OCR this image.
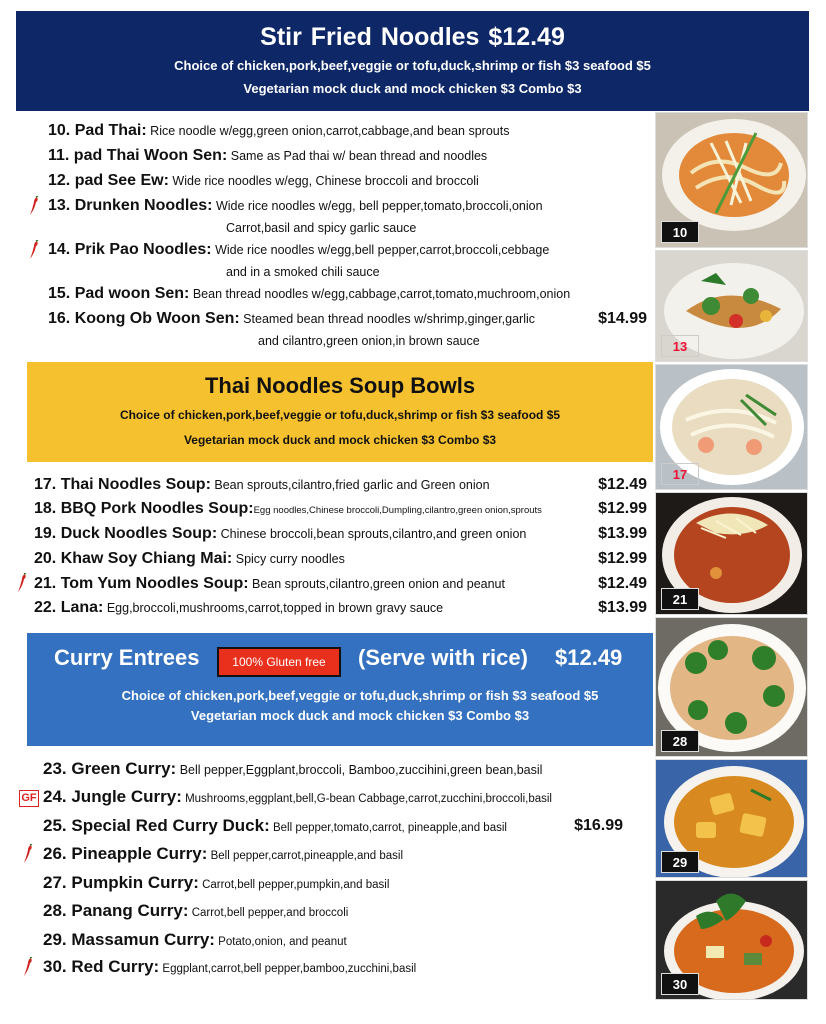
Stir Fried Noodles $12.49
Choice of chicken,pork,beef,veggie or tofu,duck,shrimp or fish $3 seafood $5
Vegetarian mock duck and mock chicken $3 Combo $3
10. Pad Thai: Rice noodle w/egg,green onion,carrot,cabbage,and bean sprouts
11. pad Thai Woon Sen: Same as Pad thai w/ bean thread and noodles
12. pad See Ew: Wide rice noodles w/egg, Chinese broccoli and broccoli
13. Drunken Noodles: Wide rice noodles w/egg, bell pepper,tomato,broccoli,onion
Carrot,basil and spicy garlic sauce
14. Prik Pao Noodles: Wide rice noodles w/egg,bell pepper,carrot,broccoli,cebbage
and in a smoked chili sauce
15. Pad woon Sen: Bean thread noodles w/egg,cabbage,carrot,tomato,muchroom,onion
16. Koong Ob Woon Sen: Steamed bean thread noodles w/shrimp,ginger,garlic	$14.99
and cilantro,green onion,in brown sauce
Thai Noodles Soup Bowls
Choice of chicken,pork,beef,veggie or tofu,duck,shrimp or fish $3 seafood $5
Vegetarian mock duck and mock chicken $3 Combo $3
17. Thai Noodles Soup: Bean sprouts,cilantro,fried garlic and Green onion	$12.49
18. BBQ Pork Noodles Soup:Egg noodles,Chinese broccoli,Dumpling,cilantro,green onion,sprouts	$12.99
19. Duck Noodles Soup: Chinese broccoli,bean sprouts,cilantro,and green onion	$13.99
20. Khaw Soy Chiang Mai: Spicy curry noodles	$12.99
21. Tom Yum Noodles Soup: Bean sprouts,cilantro,green onion and peanut	$12.49
22. Lana: Egg,broccoli,mushrooms,carrot,topped in brown gravy sauce	$13.99
Curry Entrees	100% Gluten free	(Serve with rice) $12.49
Choice of chicken,pork,beef,veggie or tofu,duck,shrimp or fish $3 seafood $5
Vegetarian mock duck and mock chicken $3 Combo $3
23. Green Curry: Bell pepper,Eggplant,broccoli, Bamboo,zuccihini,green bean,basil
GF 24. Jungle Curry: Mushrooms,eggplant,bell,G-bean Cabbage,carrot,zucchini,broccoli,basil
25. Special Red Curry Duck: Bell pepper,tomato,carrot, pineapple,and basil	$16.99
26. Pineapple Curry: Bell pepper,carrot,pineapple,and basil
27. Pumpkin Curry: Carrot,bell pepper,pumpkin,and basil
28. Panang Curry: Carrot,bell pepper,and broccoli
29. Massamun Curry: Potato,onion, and peanut
30. Red Curry: Eggplant,carrot,bell pepper,bamboo,zucchini,basil
10
13
17
21
28
29
30
